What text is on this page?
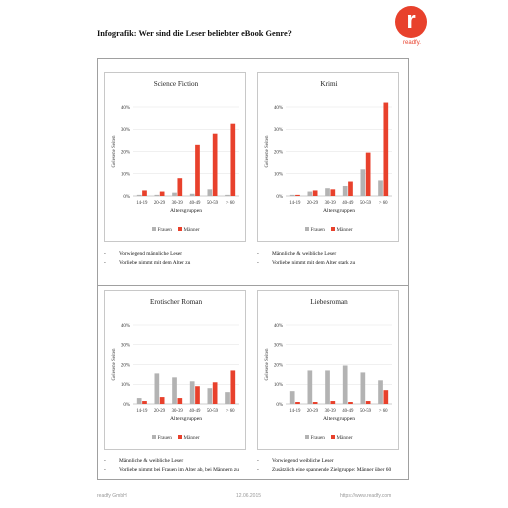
Infografik: Wer sind die Leser beliebter eBook Genre?	r
readfy.
Science Fiction
0%
10%
20%
30%
40%
Gelesene Seiten
14-19 20-29 30-39 40-49 50-59 > 60
Altersgruppen
Frauen Männer
- Vorwiegend männliche Leser
- Vorliebe nimmt mit dem Alter zu
Krimi
0%
10%
20%
30%
40%
Gelesene Seiten
14-19 20-29 30-39 40-49 50-59 > 60
Altersgruppen
Frauen Männer
- Männliche & weibliche Leser
- Vorliebe nimmt mit dem Alter stark zu
Erotischer Roman
0%
10%
20%
30%
40%
Gelesene Seiten
14-19 20-29 30-39 40-49 50-59 > 60
Altersgruppen
Frauen Männer
- Männliche & weibliche Leser
- Vorliebe nimmt bei Frauen im Alter ab, bei Männern zu
Liebesroman
0%
10%
20%
30%
40%
Gelesene Seiten
14-19 20-29 30-39 40-49 50-59 > 60
Altersgruppen
Frauen Männer
- Vorwiegend weibliche Leser
- Zusätzlich eine spannende Zielgruppe: Männer über 60
readfy GmbH	12.06.2015	https://www.readfy.com
